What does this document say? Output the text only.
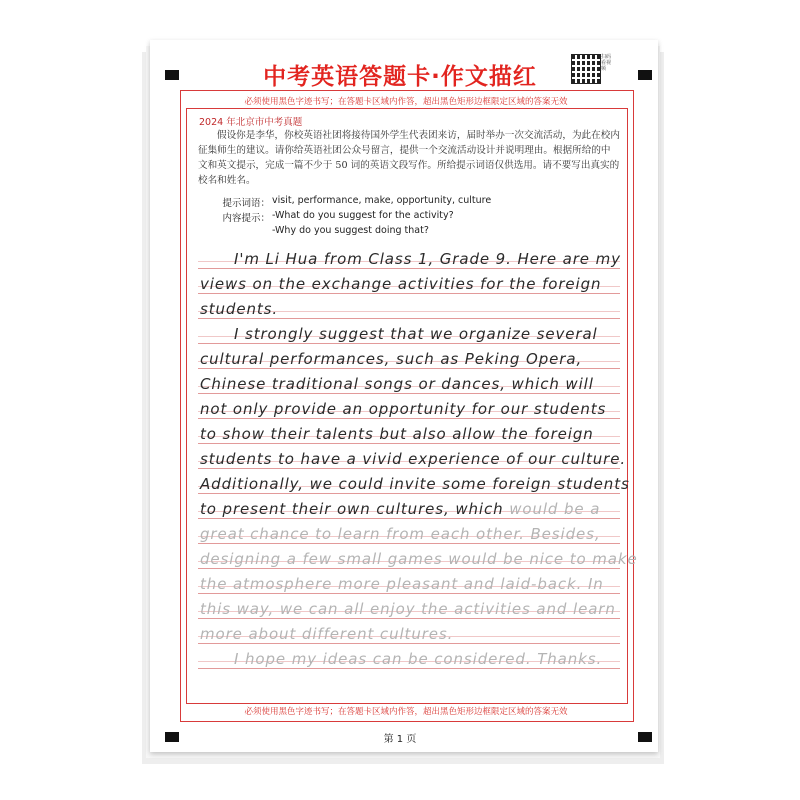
中考英语答题卡·作文描红
扫码看视频
必须使用黑色字迹书写；在答题卡区域内作答，超出黑色矩形边框限定区域的答案无效
必须使用黑色字迹书写；在答题卡区域内作答，超出黑色矩形边框限定区域的答案无效
2024 年北京市中考真题

假设你是李华，你校英语社团将接待国外学生代表团来访，届时举办一次交流活动，为此在校内征集师生的建议。请你给英语社团公众号留言，提供一个交流活动设计并说明理由。根据所给的中文和英文提示，完成一篇不少于 50 词的英语文段写作。所给提示词语仅供选用。请不要写出真实的校名和姓名。

提示词语： visit, performance, make, opportunity, culture
内容提示： -What do you suggest for the activity?
-Why do you suggest doing that?
I'm Li Hua from Class 1, Grade 9. Here are my
views on the exchange activities for the foreign
students.
I strongly suggest that we organize several
cultural performances, such as Peking Opera,
Chinese traditional songs or dances, which will
not only provide an opportunity for our students
to show their talents but also allow the foreign
students to have a vivid experience of our culture.
Additionally, we could invite some foreign students
to present their own cultures, which would be a
great chance to learn from each other. Besides,
designing a few small games would be nice to make
the atmosphere more pleasant and laid-back. In
this way, we can all enjoy the activities and learn
more about different cultures.
I hope my ideas can be considered. Thanks.
第 1 页
